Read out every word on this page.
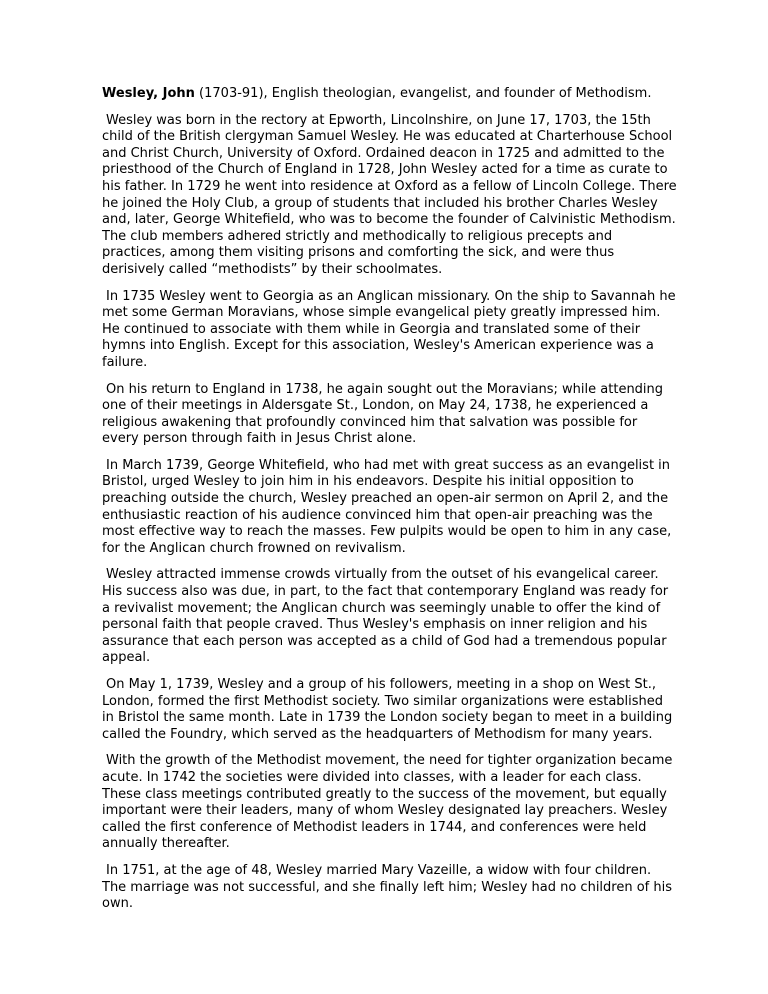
Wesley, John (1703-91), English theologian, evangelist, and founder of Methodism.

Wesley was born in the rectory at Epworth, Lincolnshire, on June 17, 1703, the 15th child of the British clergyman Samuel Wesley. He was educated at Charterhouse School and Christ Church, University of Oxford. Ordained deacon in 1725 and admitted to the priesthood of the Church of England in 1728, John Wesley acted for a time as curate to his father. In 1729 he went into residence at Oxford as a fellow of Lincoln College. There he joined the Holy Club, a group of students that included his brother Charles Wesley and, later, George Whitefield, who was to become the founder of Calvinistic Methodism. The club members adhered strictly and methodically to religious precepts and practices, among them visiting prisons and comforting the sick, and were thus derisively called “methodists” by their schoolmates.

In 1735 Wesley went to Georgia as an Anglican missionary. On the ship to Savannah he met some German Moravians, whose simple evangelical piety greatly impressed him. He continued to associate with them while in Georgia and translated some of their hymns into English. Except for this association, Wesley's American experience was a failure.

On his return to England in 1738, he again sought out the Moravians; while attending one of their meetings in Aldersgate St., London, on May 24, 1738, he experienced a religious awakening that profoundly convinced him that salvation was possible for every person through faith in Jesus Christ alone.

In March 1739, George Whitefield, who had met with great success as an evangelist in Bristol, urged Wesley to join him in his endeavors. Despite his initial opposition to preaching outside the church, Wesley preached an open-air sermon on April 2, and the enthusiastic reaction of his audience convinced him that open-air preaching was the most effective way to reach the masses. Few pulpits would be open to him in any case, for the Anglican church frowned on revivalism.

Wesley attracted immense crowds virtually from the outset of his evangelical career. His success also was due, in part, to the fact that contemporary England was ready for a revivalist movement; the Anglican church was seemingly unable to offer the kind of personal faith that people craved. Thus Wesley's emphasis on inner religion and his assurance that each person was accepted as a child of God had a tremendous popular appeal.

On May 1, 1739, Wesley and a group of his followers, meeting in a shop on West St., London, formed the first Methodist society. Two similar organizations were established in Bristol the same month. Late in 1739 the London society began to meet in a building called the Foundry, which served as the headquarters of Methodism for many years.

With the growth of the Methodist movement, the need for tighter organization became acute. In 1742 the societies were divided into classes, with a leader for each class. These class meetings contributed greatly to the success of the movement, but equally important were their leaders, many of whom Wesley designated lay preachers. Wesley called the first conference of Methodist leaders in 1744, and conferences were held annually thereafter.

In 1751, at the age of 48, Wesley married Mary Vazeille, a widow with four children. The marriage was not successful, and she finally left him; Wesley had no children of his own.
